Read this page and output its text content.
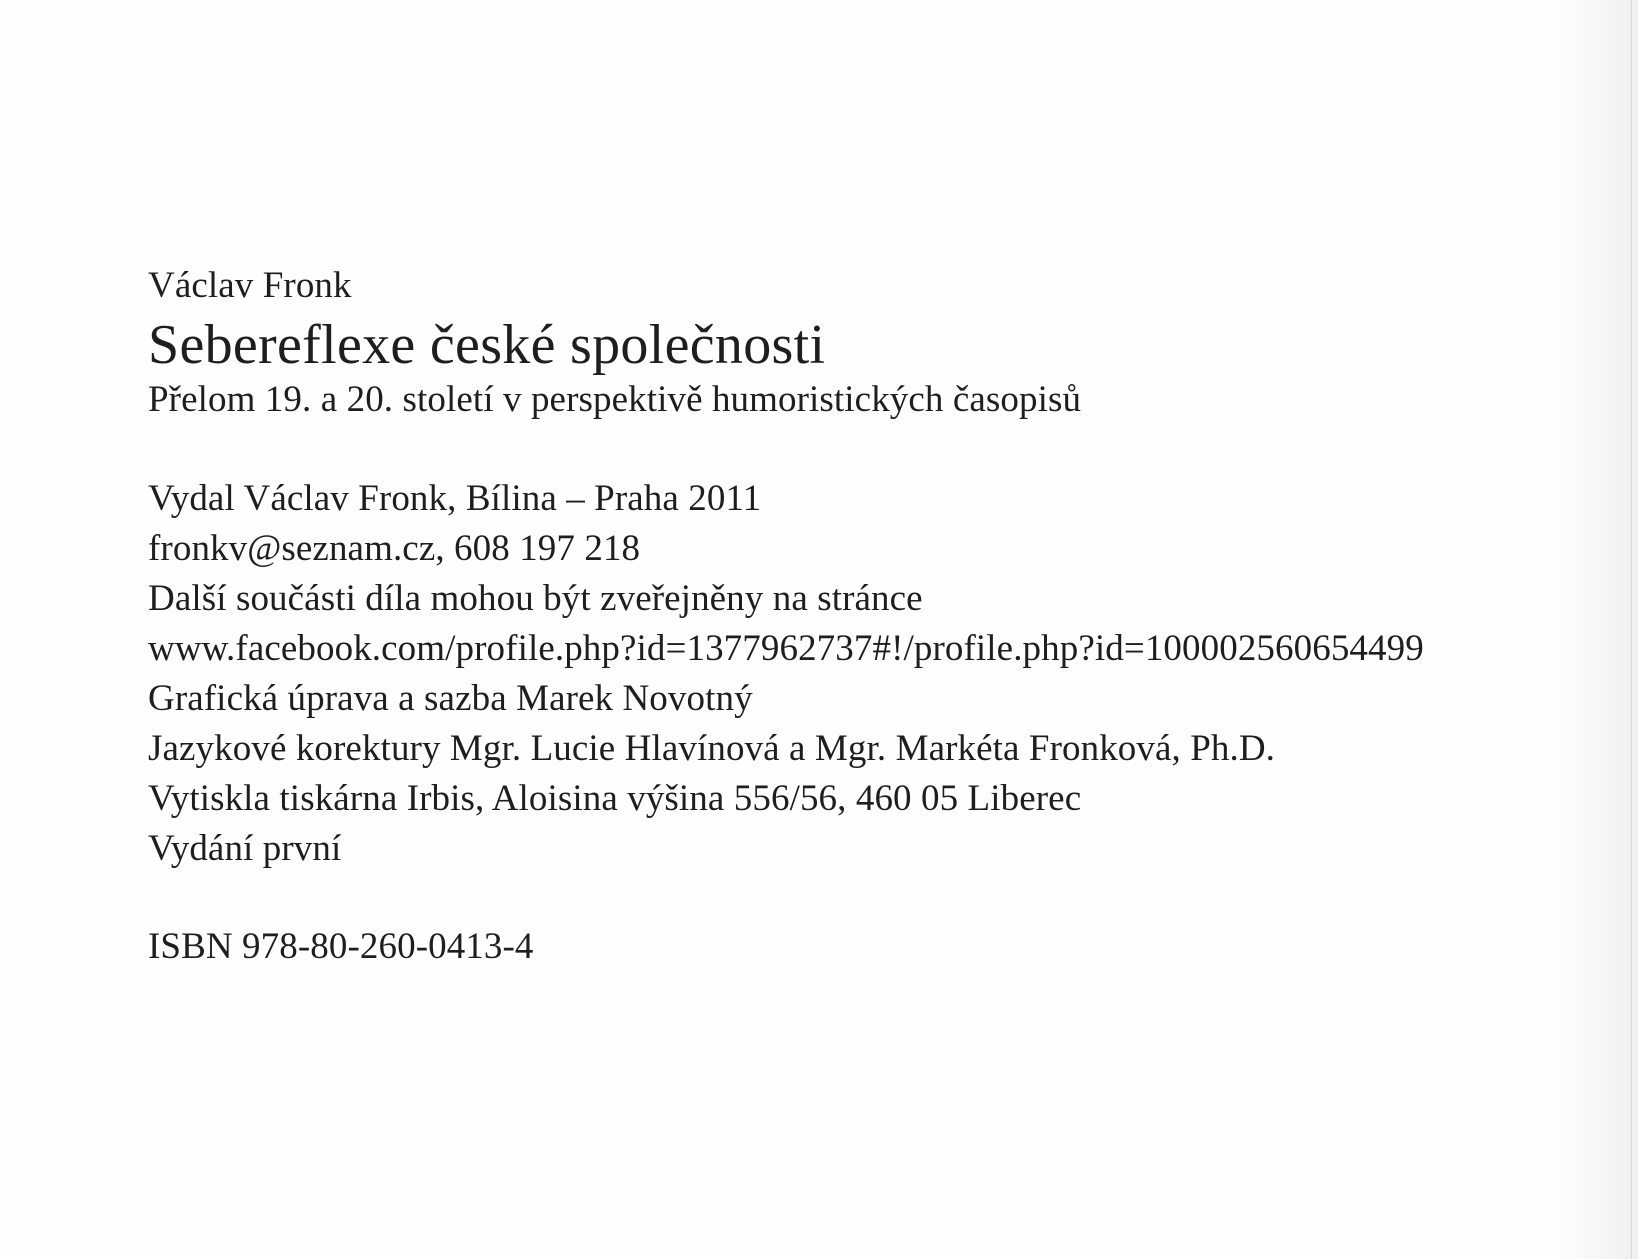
Václav Fronk
Sebereflexe české společnosti
Přelom 19. a 20. století v perspektivě humoristických časopisů
Vydal Václav Fronk, Bílina – Praha 2011
fronkv@seznam.cz, 608 197 218
Další součásti díla mohou být zveřejněny na stránce
www.facebook.com/profile.php?id=1377962737#!/profile.php?id=100002560654499
Grafická úprava a sazba Marek Novotný
Jazykové korektury Mgr. Lucie Hlavínová a Mgr. Markéta Fronková, Ph.D.
Vytiskla tiskárna Irbis, Aloisina výšina 556/56, 460 05 Liberec
Vydání první
ISBN 978-80-260-0413-4
